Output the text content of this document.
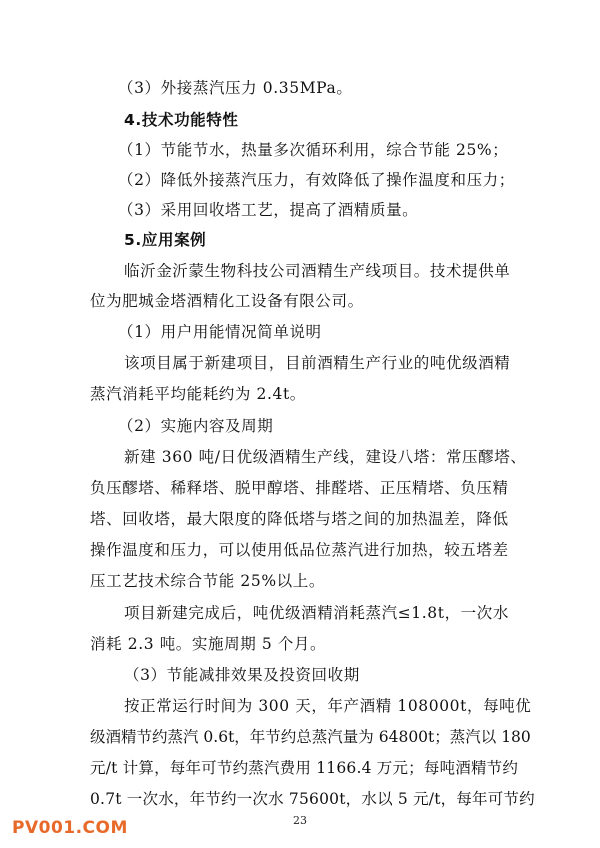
（3）外接蒸汽压力 0.35MPa。
4.技术功能特性
（1）节能节水，热量多次循环利用，综合节能 25%；
（2）降低外接蒸汽压力，有效降低了操作温度和压力；
（3）采用回收塔工艺，提高了酒精质量。
5.应用案例
临沂金沂蒙生物科技公司酒精生产线项目。技术提供单
位为肥城金塔酒精化工设备有限公司。
（1）用户用能情况简单说明
该项目属于新建项目，目前酒精生产行业的吨优级酒精
蒸汽消耗平均能耗约为 2.4t。
（2）实施内容及周期
新建 360 吨/日优级酒精生产线，建设八塔：常压醪塔、
负压醪塔、稀释塔、脱甲醇塔、排醛塔、正压精塔、负压精
塔、回收塔，最大限度的降低塔与塔之间的加热温差，降低
操作温度和压力，可以使用低品位蒸汽进行加热，较五塔差
压工艺技术综合节能 25%以上。
项目新建完成后，吨优级酒精消耗蒸汽≤1.8t，一次水
消耗 2.3 吨。实施周期 5 个月。
（3）节能减排效果及投资回收期
按正常运行时间为 300 天，年产酒精 108000t，每吨优
级酒精节约蒸汽 0.6t，年节约总蒸汽量为 64800t；蒸汽以 180
元/t 计算，每年可节约蒸汽费用 1166.4 万元；每吨酒精节约
0.7t 一次水，年节约一次水 75600t，水以 5 元/t，每年可节约
23
PV001.COM
